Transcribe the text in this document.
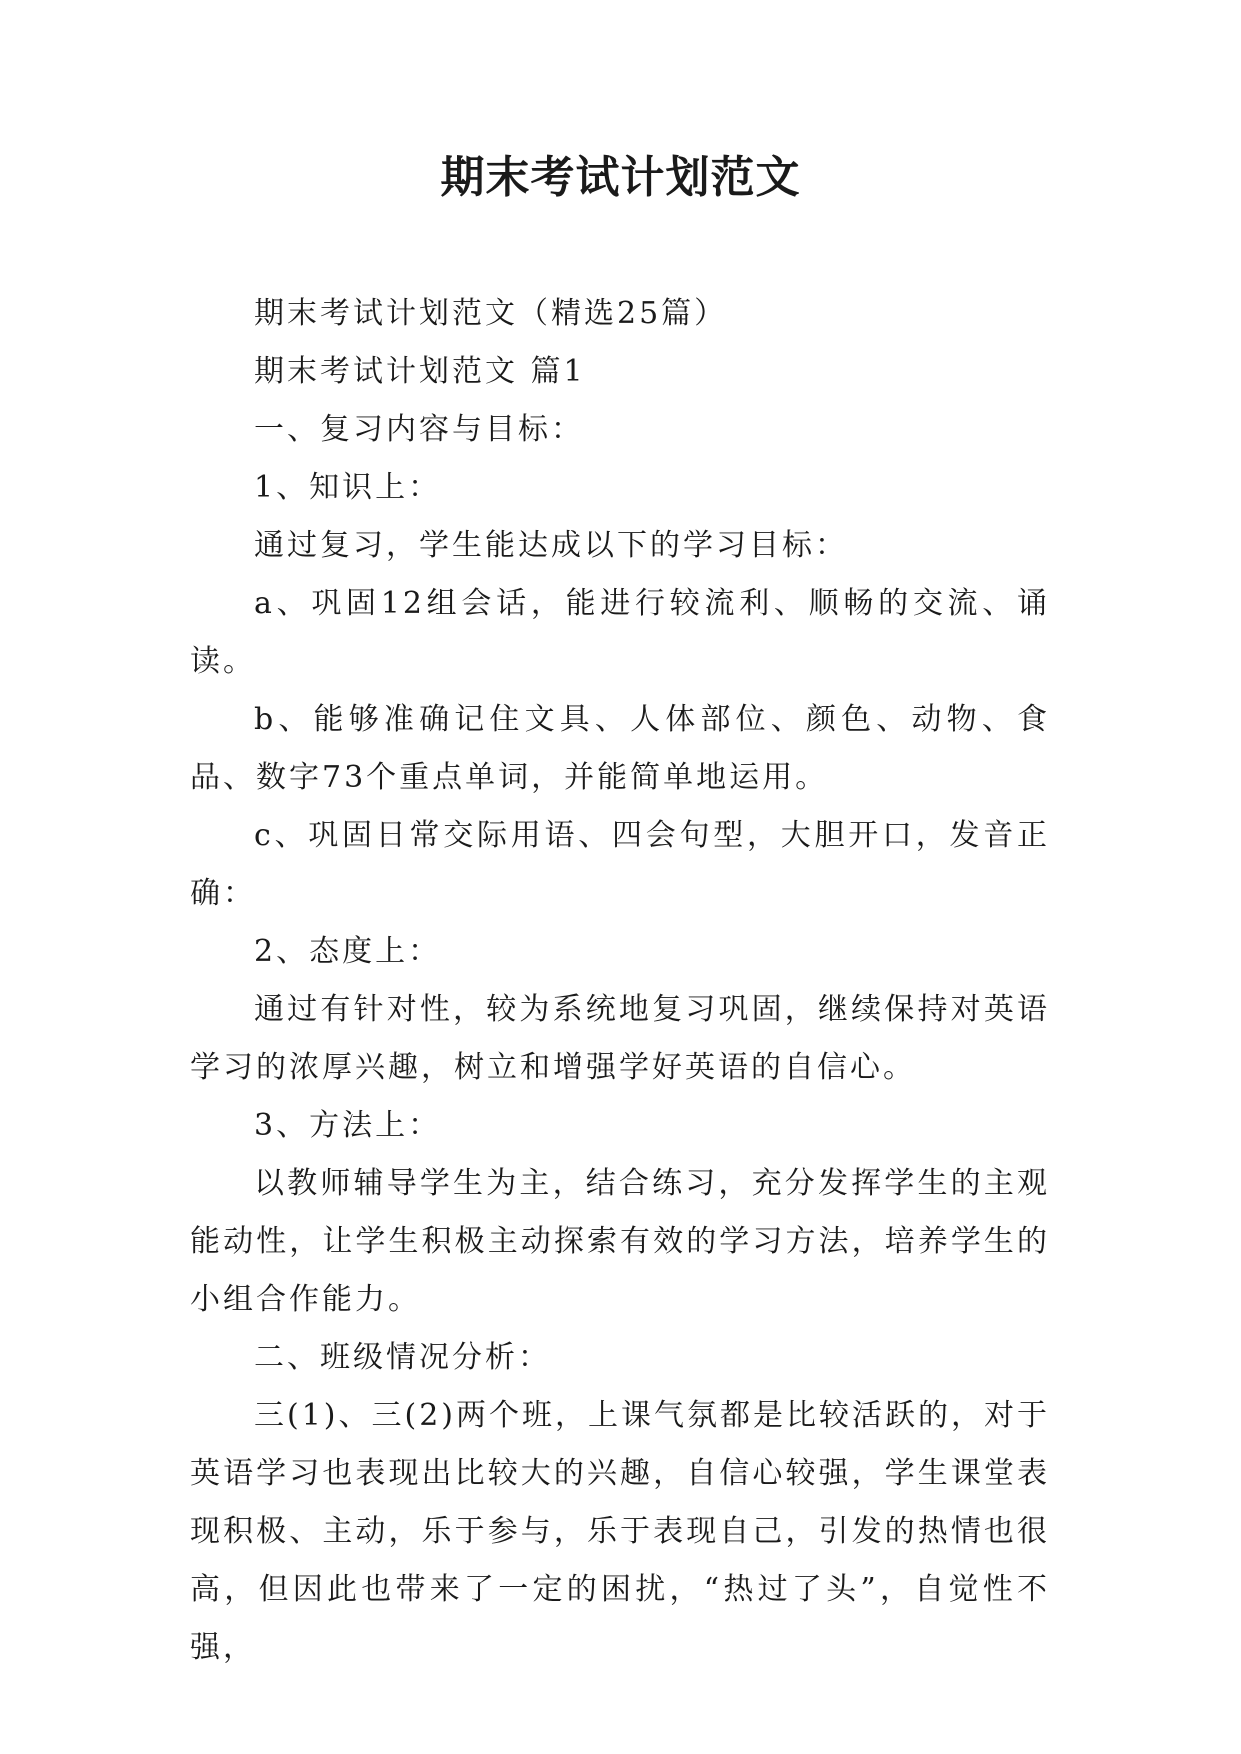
期末考试计划范文

期末考试计划范文（精选25篇）

期末考试计划范文 篇1

一、复习内容与目标：

1、知识上：

通过复习，学生能达成以下的学习目标：

a、巩固12组会话，能进行较流利、顺畅的交流、诵读。

b、能够准确记住文具、人体部位、颜色、动物、食品、数字73个重点单词，并能简单地运用。

c、巩固日常交际用语、四会句型，大胆开口，发音正确：

2、态度上：

通过有针对性，较为系统地复习巩固，继续保持对英语学习的浓厚兴趣，树立和增强学好英语的自信心。

3、方法上：

以教师辅导学生为主，结合练习，充分发挥学生的主观能动性，让学生积极主动探索有效的学习方法，培养学生的小组合作能力。

二、班级情况分析：

三(1)、三(2)两个班，上课气氛都是比较活跃的，对于英语学习也表现出比较大的兴趣，自信心较强，学生课堂表现积极、主动，乐于参与，乐于表现自己，引发的热情也很高，但因此也带来了一定的困扰，“热过了头”，自觉性不强，
